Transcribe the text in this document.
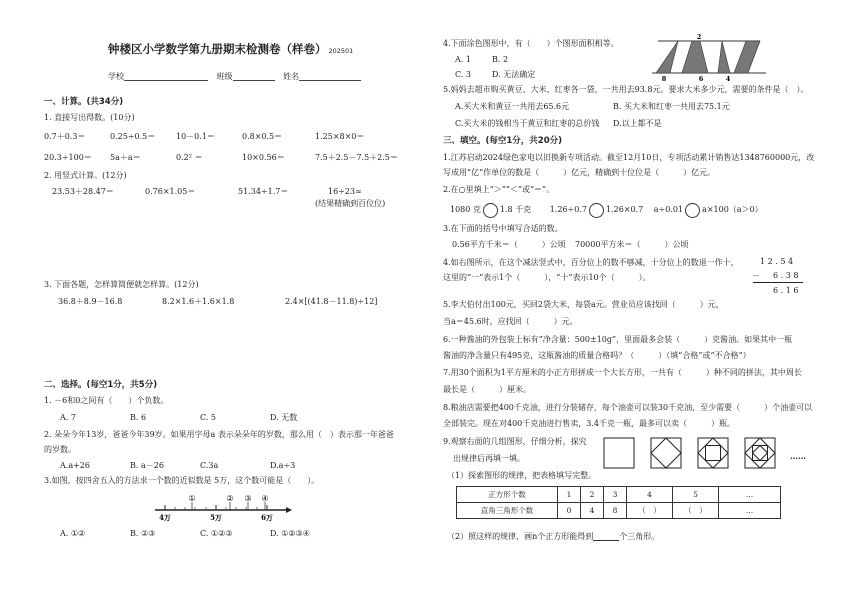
钟楼区小学数学第九册期末检测卷（样卷） 202501
学校	班级	姓名
一、计算。(共34分)
1. 直接写出得数。(10分)
0.7＋0.3＝	0.25÷0.5＝	10－0.1＝	0.8×0.5＝	1.25×8×0＝
20.3÷100＝ 5a＋a＝	0.2² ＝	10×0.56＝	7.5＋2.5－7.5＋2.5＝
2. 用竖式计算。(12分)
23.53＋28.47＝	0.76×1.05＝	51.34÷1.7＝	16÷23≈
(结果精确到百位位)
3. 下面各题，怎样算简便就怎样算。(12分)
36.8＋8.9－16.8	8.2×1.6＋1.6×1.8	2.4×[(41.8－11.8)÷12]
二、选择。(每空1分，共5分)
1. －6和0之间有（　　）个负数。
A. 7	B. 6	C. 5	D. 无数
2. 朵朵今年13岁，爸爸今年39岁。如果用字母a 表示朵朵年的岁数，那么用（　）表示那一年爸爸
的岁数。
A.a+26	B. a－26	C.3a	D.a÷3
3.如图，按四舍五入的方法求一个数的近似数是 5万，这个数可能是（　　）。
①	② ③ ④
4万	5万	6万
A. ①②	B. ②③	C. ①②③	D. ①②③④
4.下面涂色图形中，有（　　）个图形面积相等。
A. 1	B. 2
C. 3	D. 无法确定
2
8	6	4
5.妈妈去超市购买黄豆、大米、红枣各一袋，一共用去93.8元。要求大米多少元，需要的条件是（　）。
A.买大米和黄豆一共用去65.6元	B. 买大米和红枣一共用去75.1元
C.买大米的钱相当于黄豆和红枣的总价钱 D.以上都不是
三、填空。(每空1分，共20分)
1.江苏启动2024绿色家电以旧换新专项活动。截至12月10日，专项活动累计销售达1348760000元，改
写成用“亿”作单位的数是（　　　）亿元，精确到十位位是（　　　）亿元。
2.在○里填上“＞”“＜”或“＝”。
1080 克 1.8 千克 1.26÷0.7 1.26×0.7 a÷0.01 a×100（a＞0）
3.在下面的括号中填写合适的数。
0.56平方千米＝（　　　）公顷 70000平方米＝（　　　）公顷
4.如右图所示，在这个减法竖式中，百分位上的数不够减，十分位上的数退一作十，
这里的“一”表示1个（　　　），“十”表示10个（　　　）。
1 2 . 5 4
－ 6 . 3 8
6 . 1 6
5.李大伯付出100元，买回2袋大米，每袋a元。营业员应该找回（　　　）元，
当a＝45.6时，应找回（　　　）元。
6.一种酱油的外包装上标有“净含量：500±10g”，里面最多会装（　　　）克酱油。如果其中一瓶
酱油的净含量只有495克，这瓶酱油的质量合格吗？（　　　）（填“合格”或“不合格”）
7.用30个面积为1平方厘米的小正方形拼成一个大长方形，一共有（　　　）种不同的拼法，其中周长
最长是（　　　）厘米。
8.粮油店需要把400千克油，进行分装储存，每个油壶可以装30千克油，至少需要（　　　）个油壶可以
全部装完。现在对400千克油进行售卖，3.4千克一瓶，最多可以卖（　　　）瓶。
9.观察右面的几组图形，仔细分析，探究
出规律后再填一填。	……
（1）探索图形的规律，把表格填写完整。
正方形个数	1	2	3	4	5	…
直角三角形个数	0	4	8	（　）	（　）	…
（2）照这样的规律，画n个正方形能得到	个三角形。
